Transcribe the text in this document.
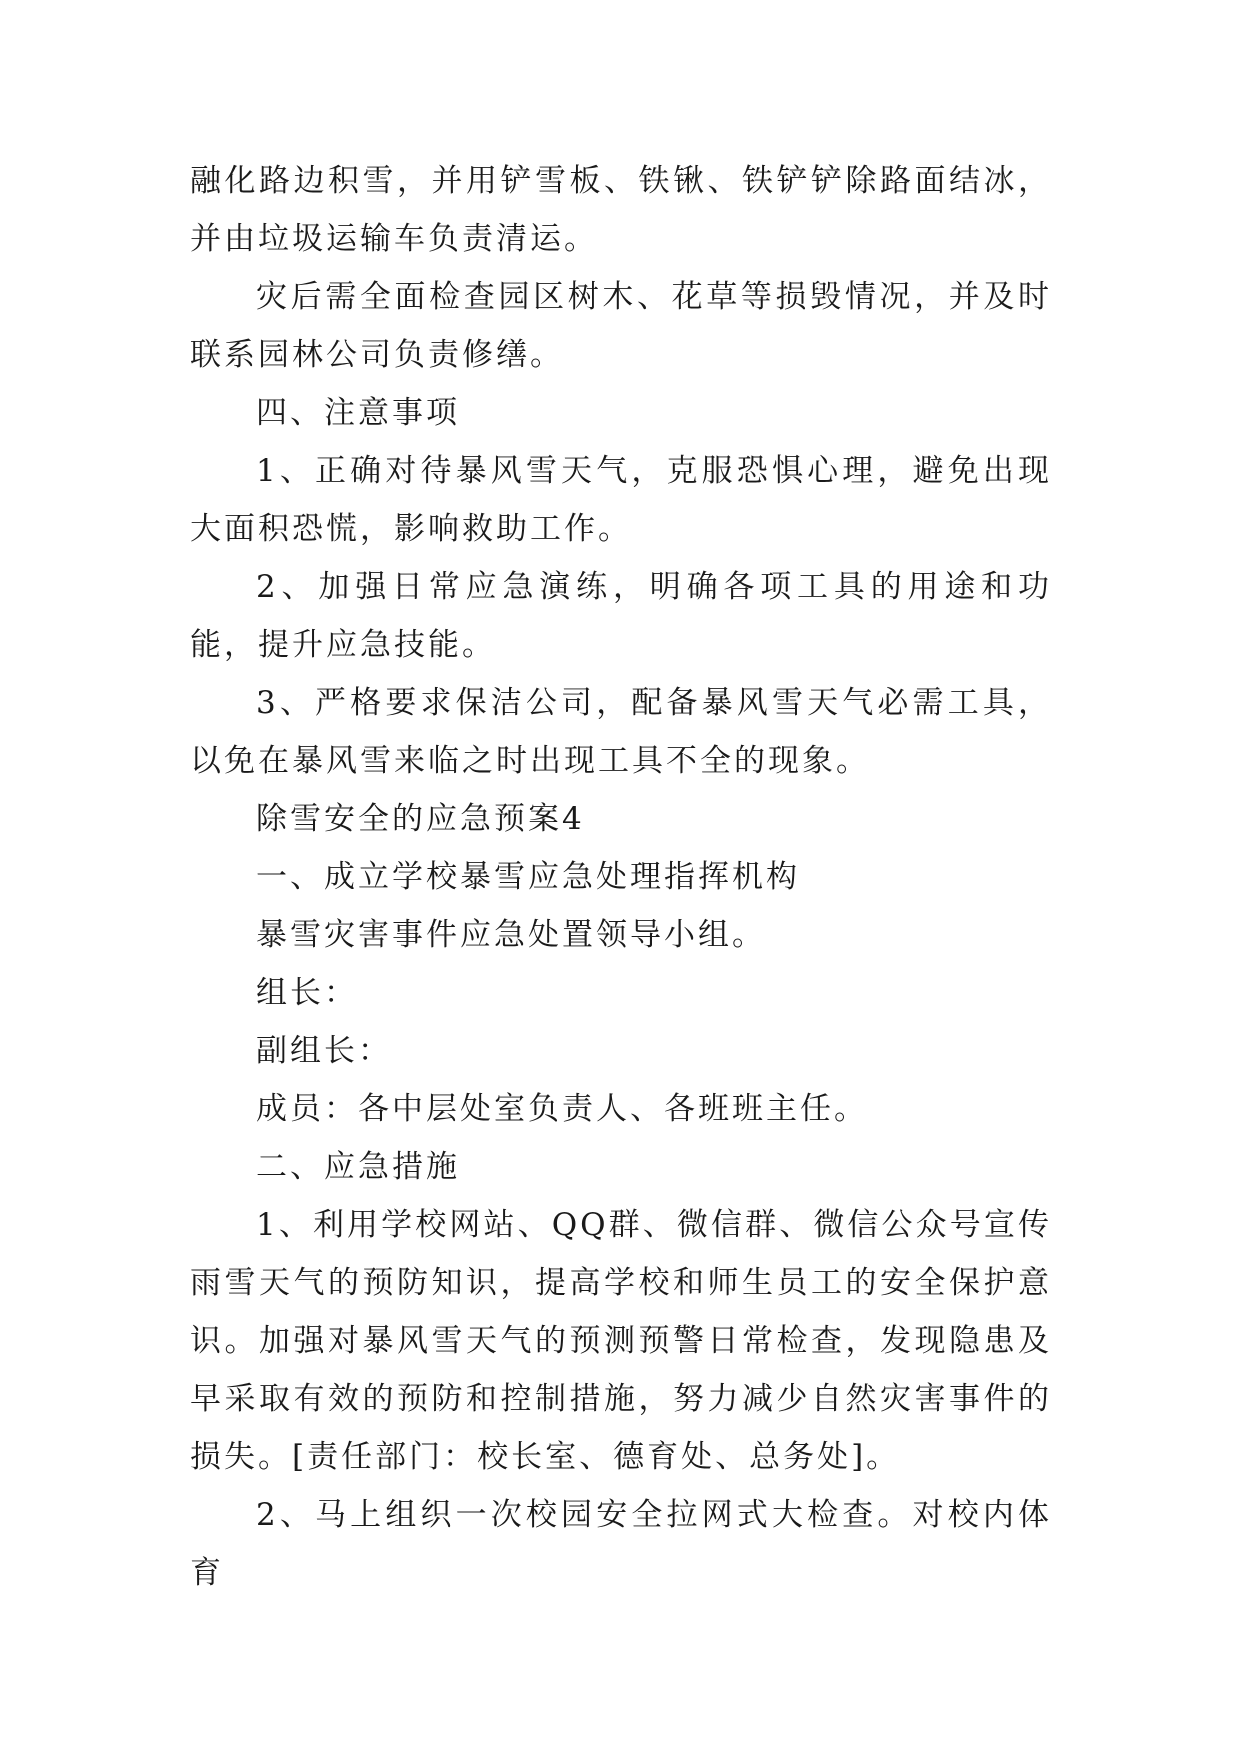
融化路边积雪，并用铲雪板、铁锹、铁铲铲除路面结冰，并由垃圾运输车负责清运。

灾后需全面检查园区树木、花草等损毁情况，并及时联系园林公司负责修缮。

四、注意事项

1、正确对待暴风雪天气，克服恐惧心理，避免出现大面积恐慌，影响救助工作。

2、加强日常应急演练，明确各项工具的用途和功能，提升应急技能。

3、严格要求保洁公司，配备暴风雪天气必需工具，以免在暴风雪来临之时出现工具不全的现象。

除雪安全的应急预案4

一、成立学校暴雪应急处理指挥机构

暴雪灾害事件应急处置领导小组。

组长：

副组长：

成员：各中层处室负责人、各班班主任。

二、应急措施

1、利用学校网站、QQ群、微信群、微信公众号宣传雨雪天气的预防知识，提高学校和师生员工的安全保护意识。加强对暴风雪天气的预测预警日常检查，发现隐患及早采取有效的预防和控制措施，努力减少自然灾害事件的损失。[责任部门：校长室、德育处、总务处]。

2、马上组织一次校园安全拉网式大检查。对校内体育
